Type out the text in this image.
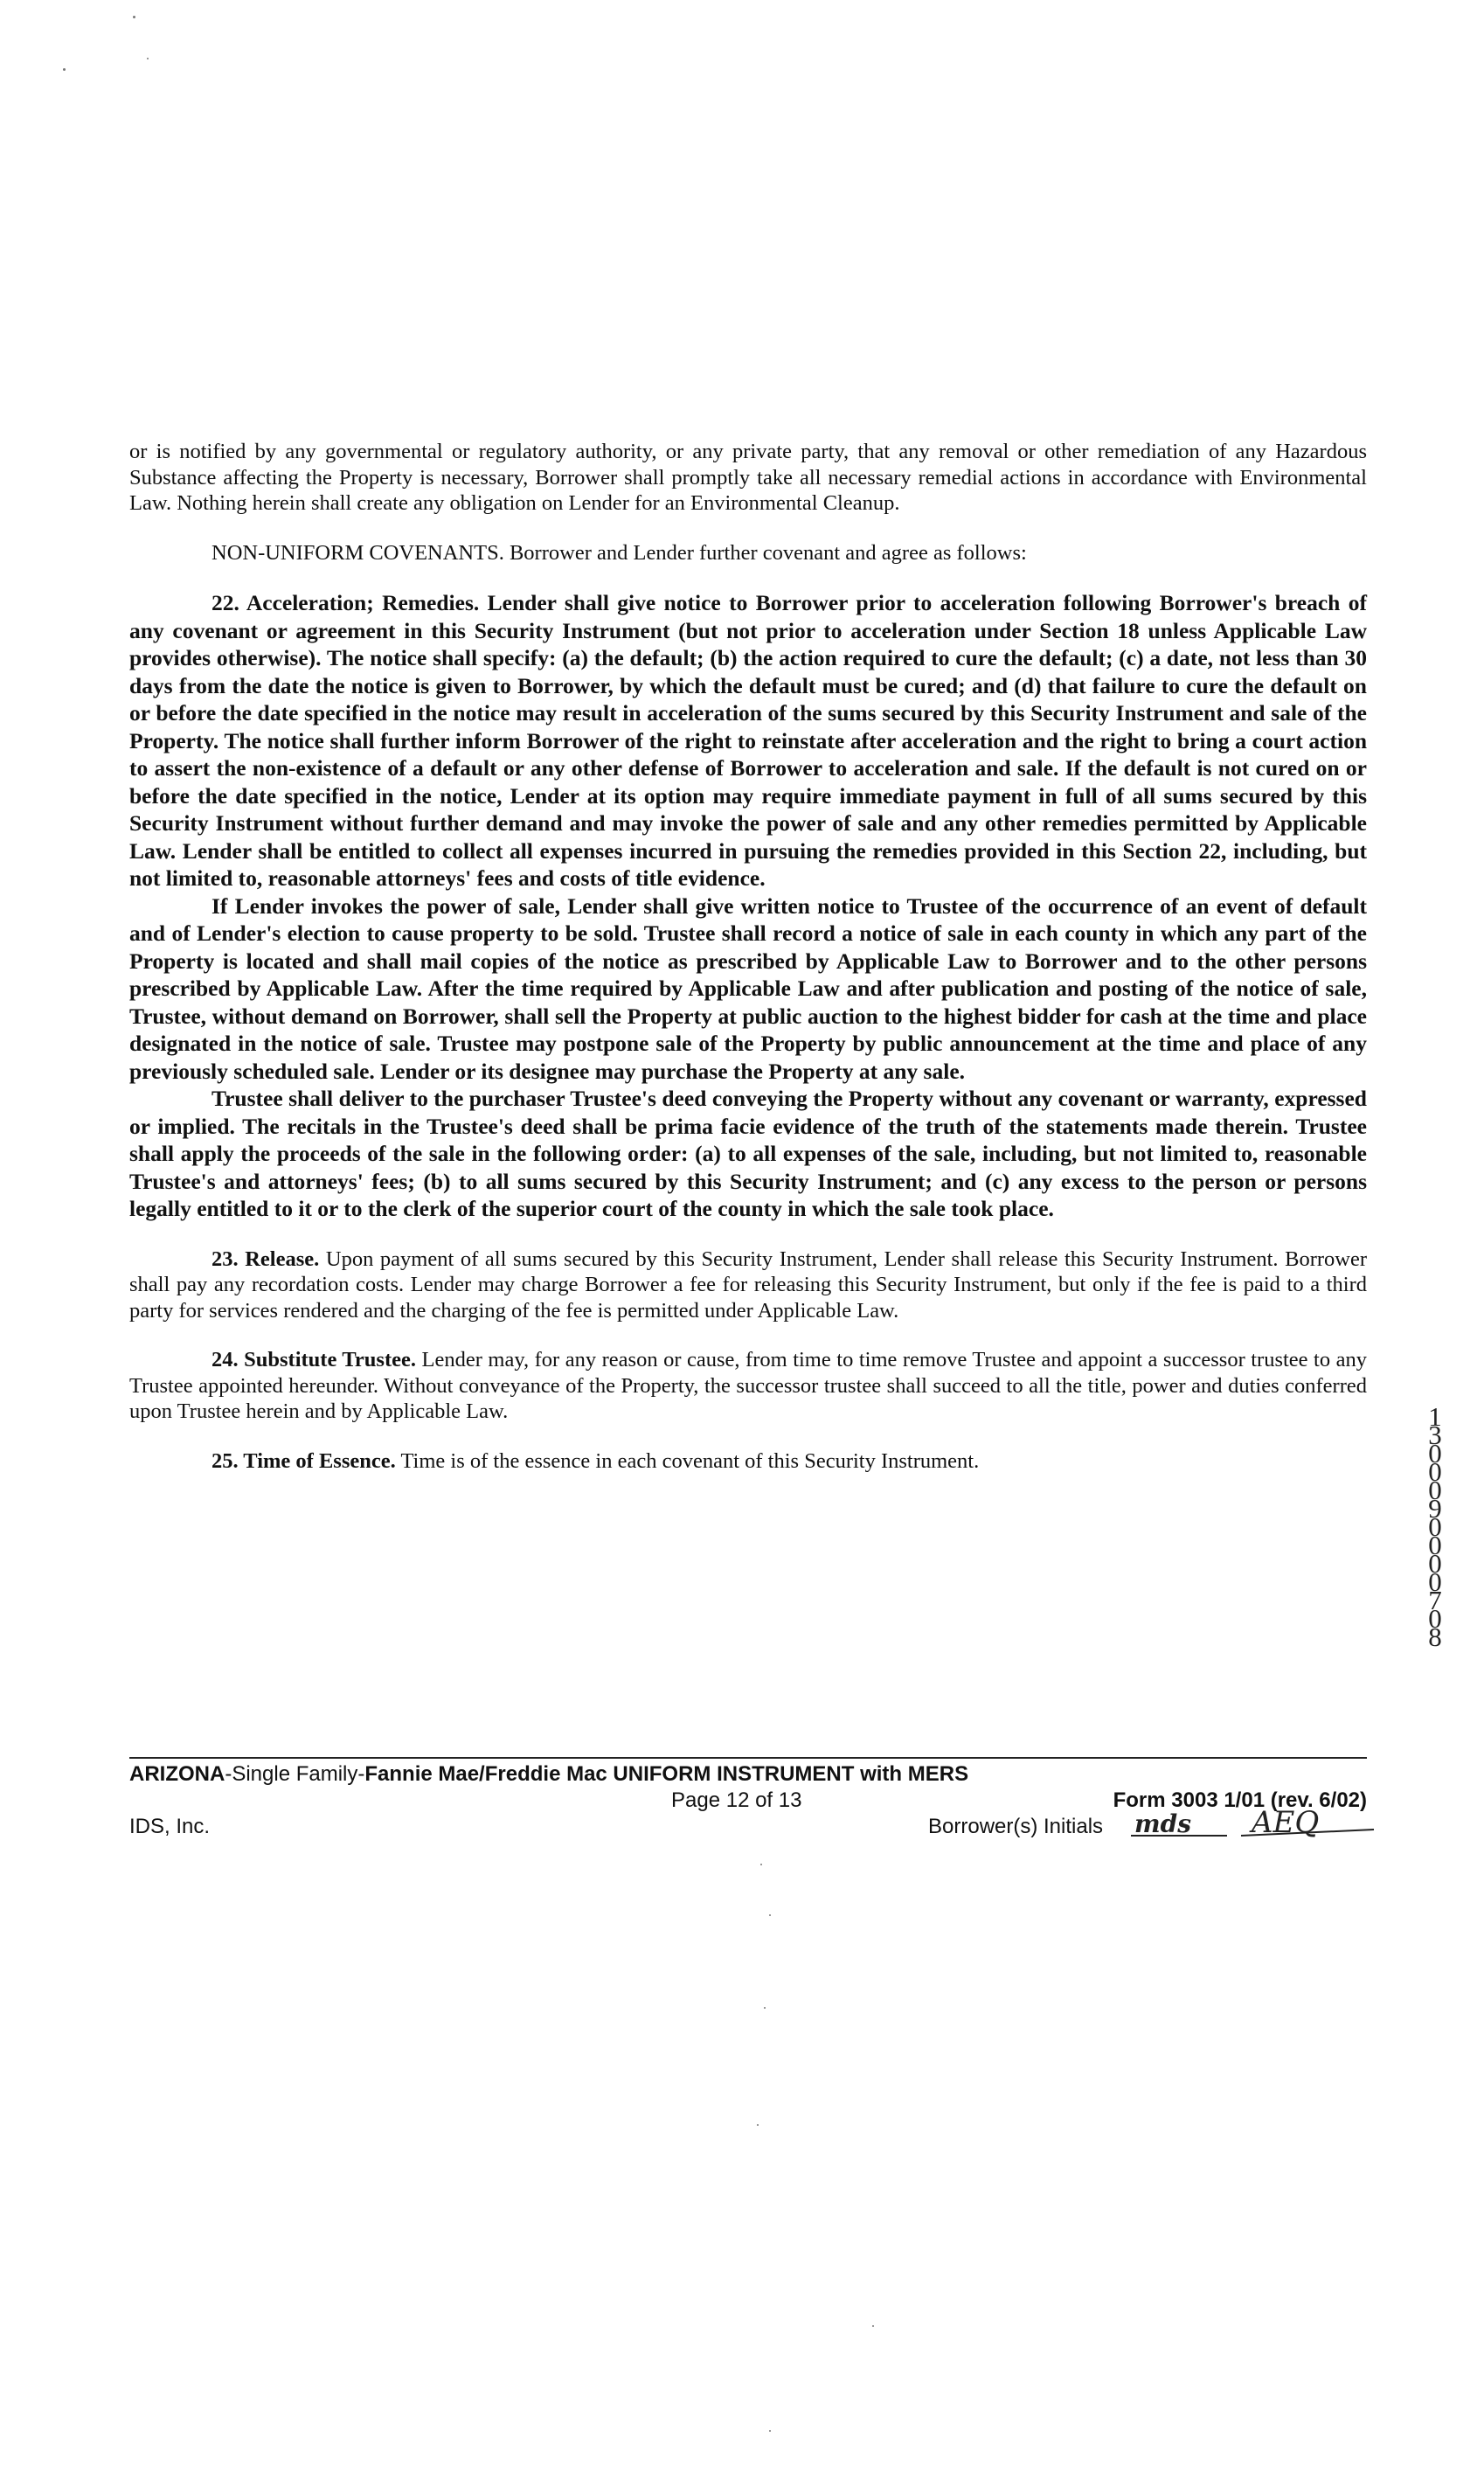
or is notified by any governmental or regulatory authority, or any private party, that any removal or other remediation of any Hazardous Substance affecting the Property is necessary, Borrower shall promptly take all necessary remedial actions in accordance with Environmental Law. Nothing herein shall create any obligation on Lender for an Environmental Cleanup.

NON-UNIFORM COVENANTS. Borrower and Lender further covenant and agree as follows:

22. Acceleration; Remedies. Lender shall give notice to Borrower prior to acceleration following Borrower's breach of any covenant or agreement in this Security Instrument (but not prior to acceleration under Section 18 unless Applicable Law provides otherwise). The notice shall specify: (a) the default; (b) the action required to cure the default; (c) a date, not less than 30 days from the date the notice is given to Borrower, by which the default must be cured; and (d) that failure to cure the default on or before the date specified in the notice may result in acceleration of the sums secured by this Security Instrument and sale of the Property. The notice shall further inform Borrower of the right to reinstate after acceleration and the right to bring a court action to assert the non-existence of a default or any other defense of Borrower to acceleration and sale. If the default is not cured on or before the date specified in the notice, Lender at its option may require immediate payment in full of all sums secured by this Security Instrument without further demand and may invoke the power of sale and any other remedies permitted by Applicable Law. Lender shall be entitled to collect all expenses incurred in pursuing the remedies provided in this Section 22, including, but not limited to, reasonable attorneys' fees and costs of title evidence.

If Lender invokes the power of sale, Lender shall give written notice to Trustee of the occurrence of an event of default and of Lender's election to cause property to be sold. Trustee shall record a notice of sale in each county in which any part of the Property is located and shall mail copies of the notice as prescribed by Applicable Law to Borrower and to the other persons prescribed by Applicable Law. After the time required by Applicable Law and after publication and posting of the notice of sale, Trustee, without demand on Borrower, shall sell the Property at public auction to the highest bidder for cash at the time and place designated in the notice of sale. Trustee may postpone sale of the Property by public announcement at the time and place of any previously scheduled sale. Lender or its designee may purchase the Property at any sale.

Trustee shall deliver to the purchaser Trustee's deed conveying the Property without any covenant or warranty, expressed or implied. The recitals in the Trustee's deed shall be prima facie evidence of the truth of the statements made therein. Trustee shall apply the proceeds of the sale in the following order: (a) to all expenses of the sale, including, but not limited to, reasonable Trustee's and attorneys' fees; (b) to all sums secured by this Security Instrument; and (c) any excess to the person or persons legally entitled to it or to the clerk of the superior court of the county in which the sale took place.

23. Release. Upon payment of all sums secured by this Security Instrument, Lender shall release this Security Instrument. Borrower shall pay any recordation costs. Lender may charge Borrower a fee for releasing this Security Instrument, but only if the fee is paid to a third party for services rendered and the charging of the fee is permitted under Applicable Law.

24. Substitute Trustee. Lender may, for any reason or cause, from time to time remove Trustee and appoint a successor trustee to any Trustee appointed hereunder. Without conveyance of the Property, the successor trustee shall succeed to all the title, power and duties conferred upon Trustee herein and by Applicable Law.

25. Time of Essence. Time is of the essence in each covenant of this Security Instrument.

ARIZONA-Single Family-Fannie Mae/Freddie Mac UNIFORM INSTRUMENT with MERS
Page 12 of 13	Form 3003 1/01 (rev. 6/02)
IDS, Inc.	Borrower(s) Initials mds AEQ
1 3 0 0 0 9 0 0 0 0 7 0 8
